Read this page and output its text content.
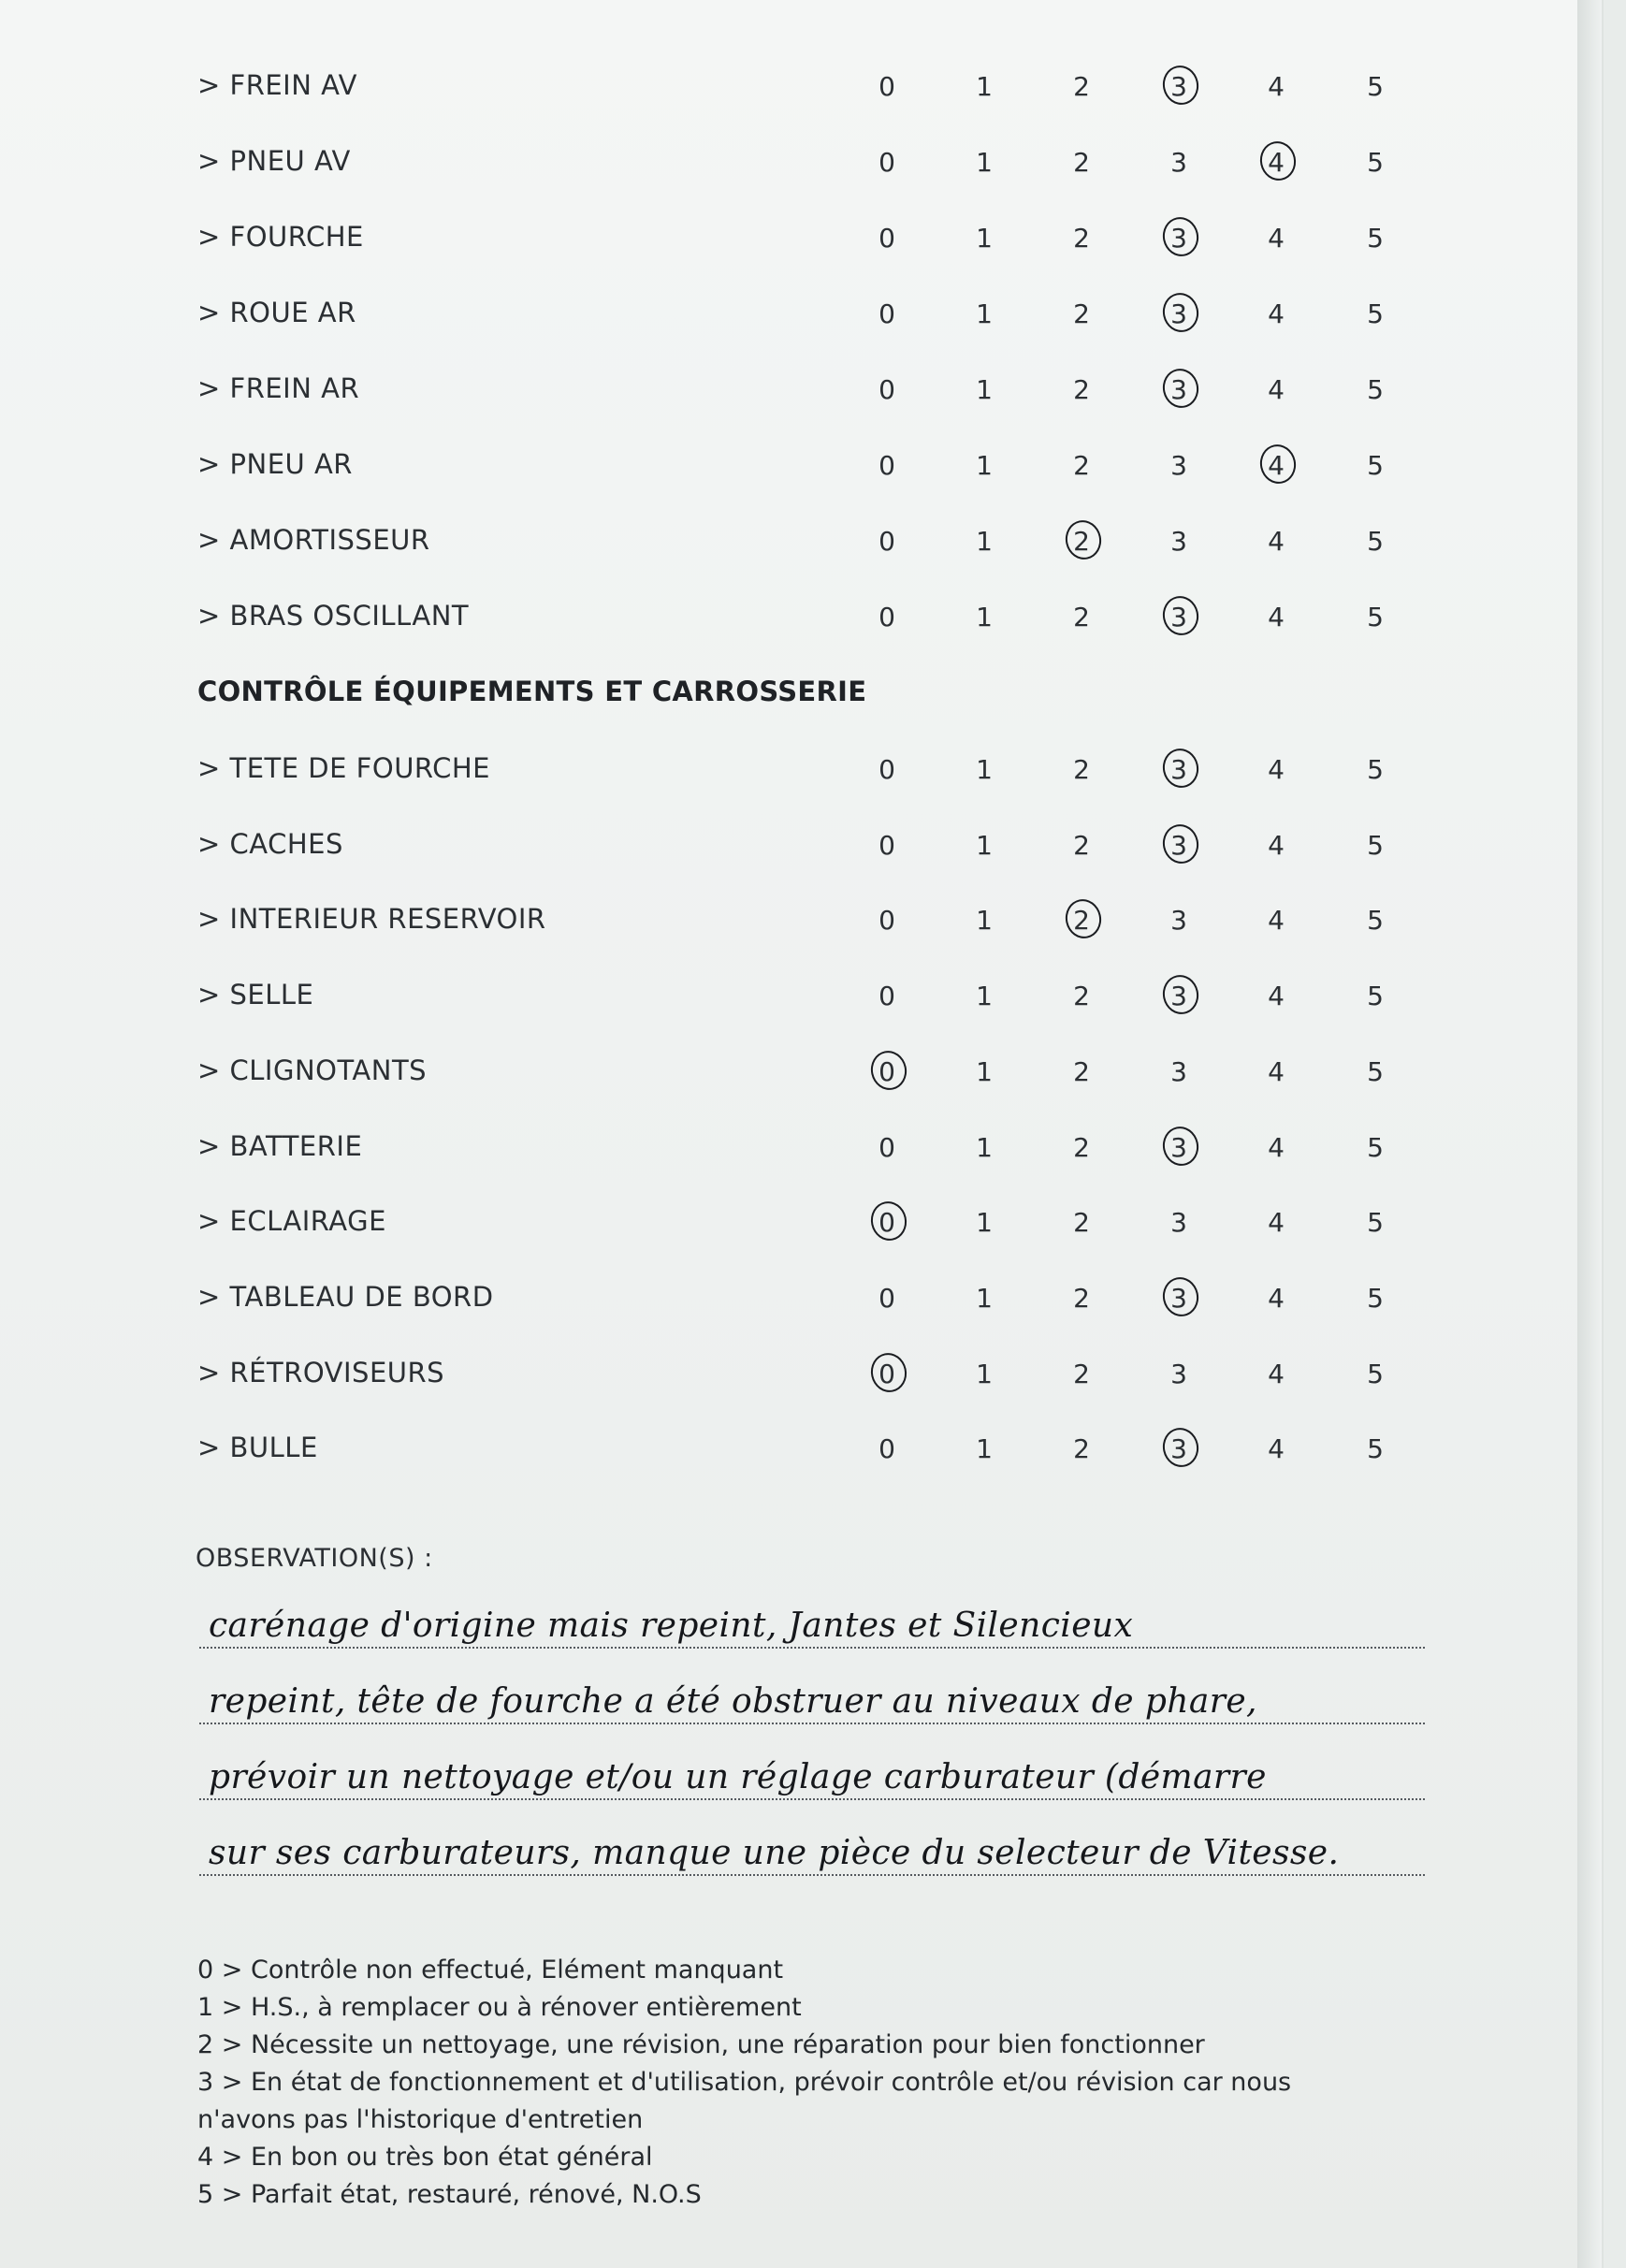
> FREIN AV	0	1	2	3	4	5
> PNEU AV	0	1	2	3	4	5
> FOURCHE	0	1	2	3	4	5
> ROUE AR	0	1	2	3	4	5
> FREIN AR	0	1	2	3	4	5
> PNEU AR	0	1	2	3	4	5
> AMORTISSEUR	0	1	2	3	4	5
> BRAS OSCILLANT	0	1	2	3	4	5
> TETE DE FOURCHE	0	1	2	3	4	5
> CACHES	0	1	2	3	4	5
> INTERIEUR RESERVOIR	0	1	2	3	4	5
> SELLE	0	1	2	3	4	5
> CLIGNOTANTS	0	1	2	3	4	5
> BATTERIE	0	1	2	3	4	5
> ECLAIRAGE	0	1	2	3	4	5
> TABLEAU DE BORD	0	1	2	3	4	5
> RÉTROVISEURS	0	1	2	3	4	5
> BULLE	0	1	2	3	4	5
CONTRÔLE ÉQUIPEMENTS ET CARROSSERIE
OBSERVATION(S) :
carénage d'origine mais repeint, Jantes et Silencieux
repeint, tête de fourche a été obstruer au niveaux de phare,
prévoir un nettoyage et/ou un réglage carburateur (démarre
sur ses carburateurs, manque une pièce du selecteur de Vitesse.
0 > Contrôle non effectué, Elément manquant
1 > H.S., à remplacer ou à rénover entièrement
2 > Nécessite un nettoyage, une révision, une réparation pour bien fonctionner
3 > En état de fonctionnement et d'utilisation, prévoir contrôle et/ou révision car nous
n'avons pas l'historique d'entretien
4 > En bon ou très bon état général
5 > Parfait état, restauré, rénové, N.O.S
